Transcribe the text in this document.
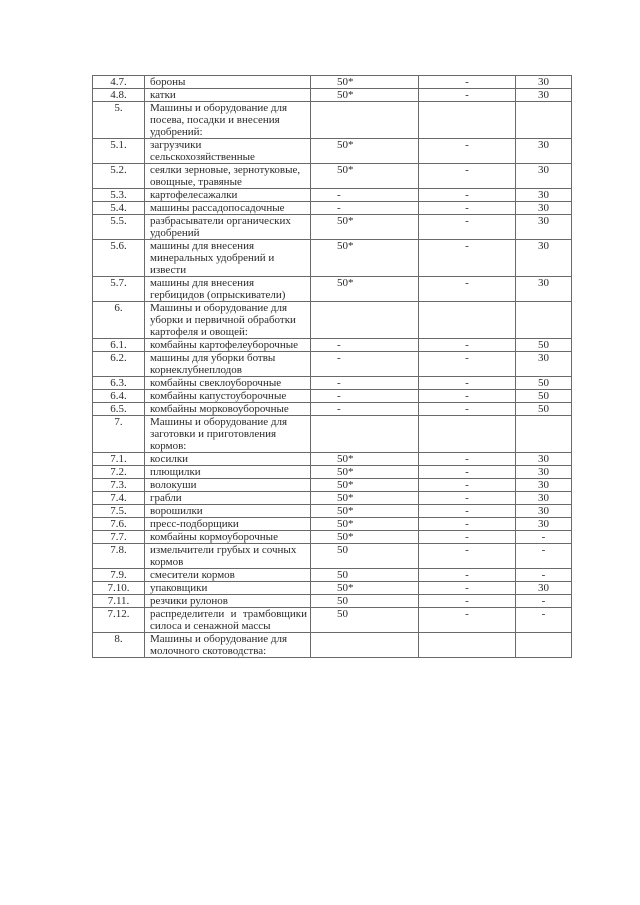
4.7.	бороны	50*	-	30
4.8.	катки	50*	-	30
5.	Машины и оборудование для посева, посадки и внесения удобрений:			
5.1.	загрузчики сельскохозяйственные	50*	-	30
5.2.	сеялки зерновые, зернотуковые, овощные, травяные	50*	-	30
5.3.	картофелесажалки	-	-	30
5.4.	машины рассадопосадочные	-	-	30
5.5.	разбрасыватели органических удобрений	50*	-	30
5.6.	машины для внесения минеральных удобрений и извести	50*	-	30
5.7.	машины для внесения гербицидов (опрыскиватели)	50*	-	30
6.	Машины и оборудование для уборки и первичной обработки картофеля и овощей:			
6.1.	комбайны картофелеуборочные	-	-	50
6.2.	машины для уборки ботвы корнеклубнеплодов	-	-	30
6.3.	комбайны свеклоуборочные	-	-	50
6.4.	комбайны капустоуборочные	-	-	50
6.5.	комбайны морковоуборочные	-	-	50
7.	Машины и оборудование для заготовки и приготовления кормов:			
7.1.	косилки	50*	-	30
7.2.	плющилки	50*	-	30
7.3.	волокуши	50*	-	30
7.4.	грабли	50*	-	30
7.5.	ворошилки	50*	-	30
7.6.	пресс-подборщики	50*	-	30
7.7.	комбайны кормоуборочные	50*	-	-
7.8.	измельчители грубых и сочных кормов	50	-	-
7.9.	смесители кормов	50	-	-
7.10.	упаковщики	50*	-	30
7.11.	резчики рулонов	50	-	-
7.12.	распределители и трамбовщики силоса и сенажной массы	50	-	-
8.	Машины и оборудование для молочного скотоводства:			
